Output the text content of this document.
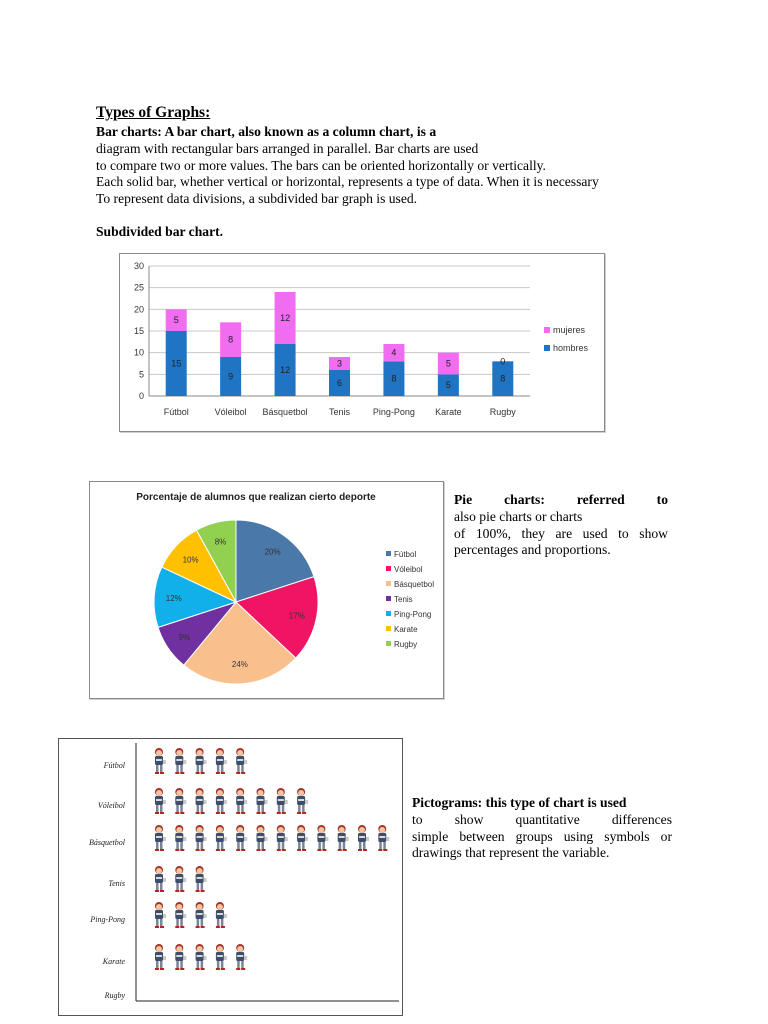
Types of Graphs:
Bar charts: A bar chart, also known as a column chart, is a
diagram with rectangular bars arranged in parallel. Bar charts are used
to compare two or more values. The bars can be oriented horizontally or vertically.
Each solid bar, whether vertical or horizontal, represents a type of data. When it is necessary
To represent data divisions, a subdivided bar graph is used.
Subdivided bar chart.
0
5
10
15
20
25
30
15
5
Fútbol
9
8
Vóleibol
12
12
Básquetbol
6
3
Tenis
8
4
Ping-Pong
5
5
Karate
8
0
Rugby
mujeres
hombres
Porcentaje de alumnos que realizan cierto deporte
20%
17%
24%
9%
12%
10%
8%
Fútbol
Vóleibol
Básquetbol
Tenis
Ping-Pong
Karate
Rugby
Pie charts: referred to
also pie charts or charts
of 100%, they are used to show
percentages and proportions.
Fútbol
Vóleibol
Básquetbol
Tenis
Ping-Pong
Karate
Rugby
Pictograms: this type of chart is used
to show quantitative differences
simple between groups using symbols or
drawings that represent the variable.
